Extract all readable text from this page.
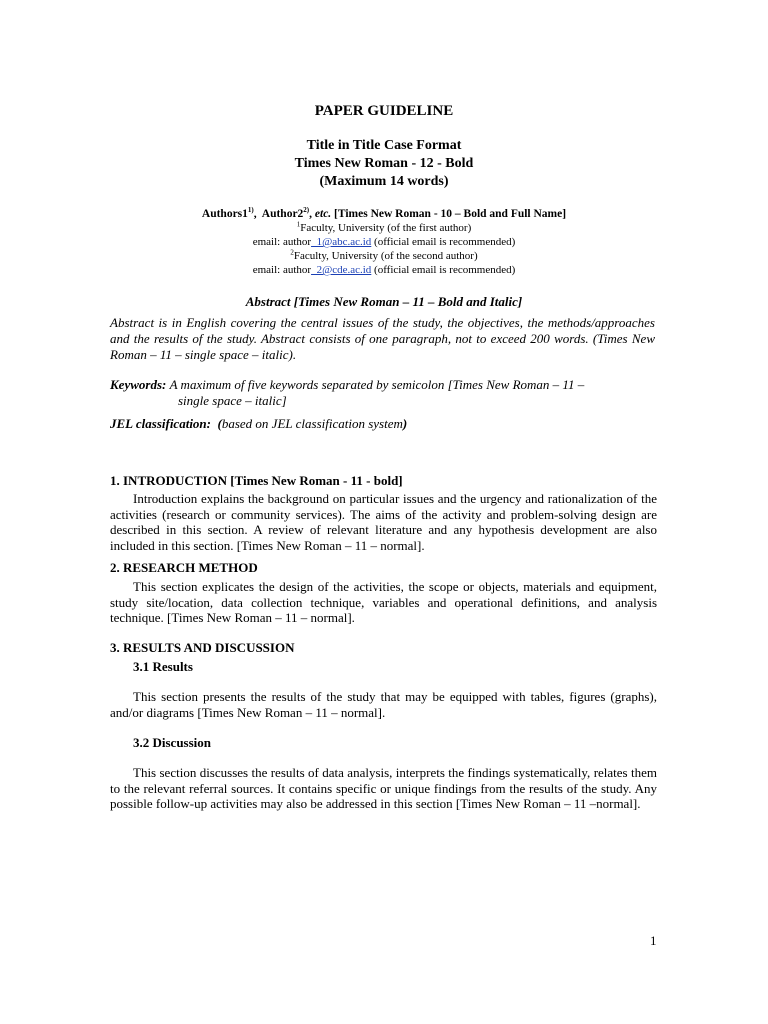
PAPER GUIDELINE
Title in Title Case Format
Times New Roman - 12 - Bold
(Maximum 14 words)
Authors1$^{1)}$,  Author2$^{2)}$, etc. [Times New Roman - 10 – Bold and Full Name]
$^1$Faculty, University (of the first author)
email: author_1@abc.ac.id (official email is recommended)
$^2$Faculty, University (of the second author)
email: author_2@cde.ac.id (official email is recommended)
Abstract [Times New Roman – 11 – Bold and Italic]
Abstract is in English covering the central issues of the study, the objectives, the methods/approaches and the results of the study. Abstract consists of one paragraph, not to exceed 200 words. (Times New Roman – 11 – single space – italic).
Keywords: A maximum of five keywords separated by semicolon [Times New Roman – 11 –
single space – italic]
JEL classification: (based on JEL classification system)
1. INTRODUCTION [Times New Roman - 11 - bold]
Introduction explains the background on particular issues and the urgency and rationalization of the activities (research or community services). The aims of the activity and problem-solving design are described in this section. A review of relevant literature and any hypothesis development are also included in this section. [Times New Roman – 11 – normal].
2. RESEARCH METHOD
This section explicates the design of the activities, the scope or objects, materials and equipment, study site/location, data collection technique, variables and operational definitions, and analysis technique. [Times New Roman – 11 – normal].
3. RESULTS AND DISCUSSION
3.1 Results
This section presents the results of the study that may be equipped with tables, figures (graphs), and/or diagrams [Times New Roman – 11 – normal].
3.2 Discussion
This section discusses the results of data analysis, interprets the findings systematically, relates them to the relevant referral sources. It contains specific or unique findings from the results of the study. Any possible follow-up activities may also be addressed in this section [Times New Roman – 11 –normal].
1
